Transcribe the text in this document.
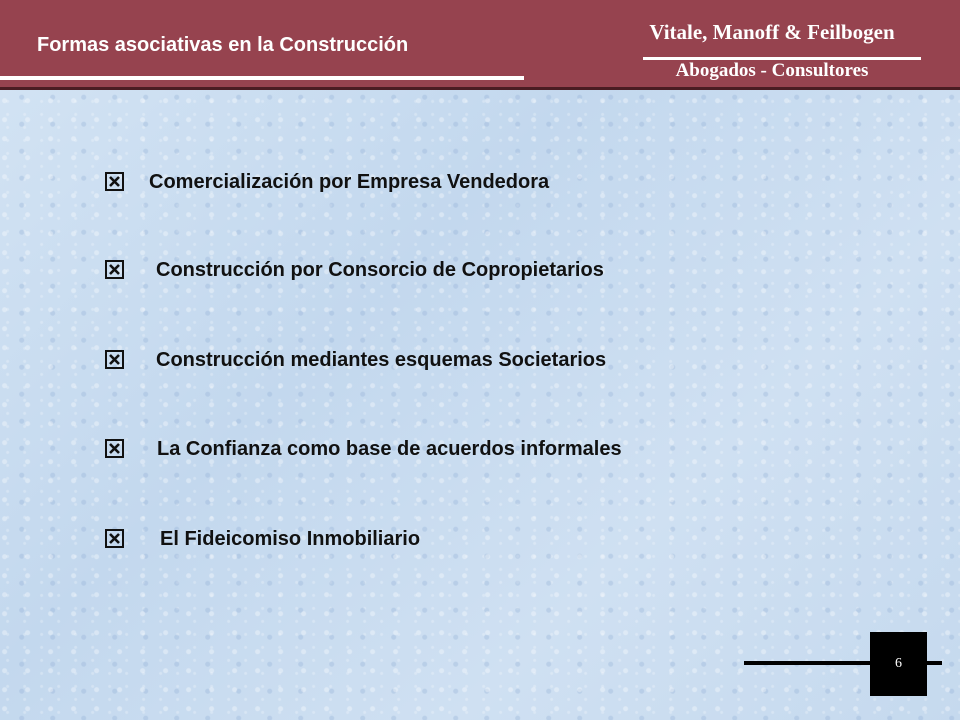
Formas asociativas en la Construcción
Vitale, Manoff & Feilbogen
Abogados - Consultores
Comercialización por Empresa Vendedora
Construcción por Consorcio de Copropietarios
Construcción mediantes esquemas Societarios
La Confianza como base de acuerdos informales
El Fideicomiso Inmobiliario
6
